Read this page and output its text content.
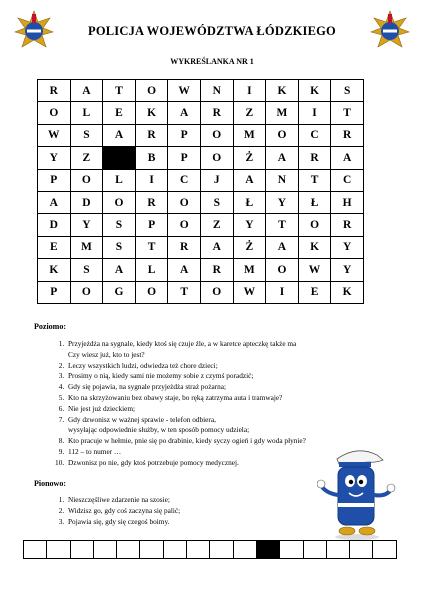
POLICJA WOJEWÓDZTWA ŁÓDZKIEGO
WYKREŚLANKA NR 1
R	A	T	O	W	N	I	K	K	S
O	L	E	K	A	R	Z	M	I	T
W	S	A	R	P	O	M	O	C	R
Y	Z		B	P	O	Ż	A	R	A
P	O	L	I	C	J	A	N	T	C
A	D	O	R	O	S	Ł	Y	Ł	H
D	Y	S	P	O	Z	Y	T	O	R
E	M	S	T	R	A	Ż	A	K	Y
K	S	A	L	A	R	M	O	W	Y
P	O	G	O	T	O	W	I	E	K
Poziomo:
1. Przyjeżdża na sygnale, kiedy ktoś się czuje źle, a w karetce apteczkę także ma
Czy wiesz już, kto to jest?
2. Leczy wszystkich ludzi, odwiedza też chore dzieci;
3. Prosimy o nią, kiedy sami nie możemy sobie z czymś poradzić;
4. Gdy się pojawia, na sygnale przyjeżdża straż pożarna;
5. Kto na skrzyżowaniu bez obawy staje, bo ręką zatrzyma auta i tramwaje?
6. Nie jest już dzieckiem;
7. Gdy dzwonisz w ważnej sprawie - telefon odbiera,
wysyłając odpowiednie służby, w ten sposób pomocy udziela;
8. Kto pracuje w hełmie, pnie się po drabinie, kiedy syczy ogień i gdy woda płynie?
9. 112 – to numer …
10. Dzwonisz po nie, gdy ktoś potrzebuje pomocy medycznej.
Pionowo:
1. Nieszczęśliwe zdarzenie na szosie;
2. Widzisz go, gdy coś zaczyna się palić;
3. Pojawia się, gdy się czegoś boimy.
